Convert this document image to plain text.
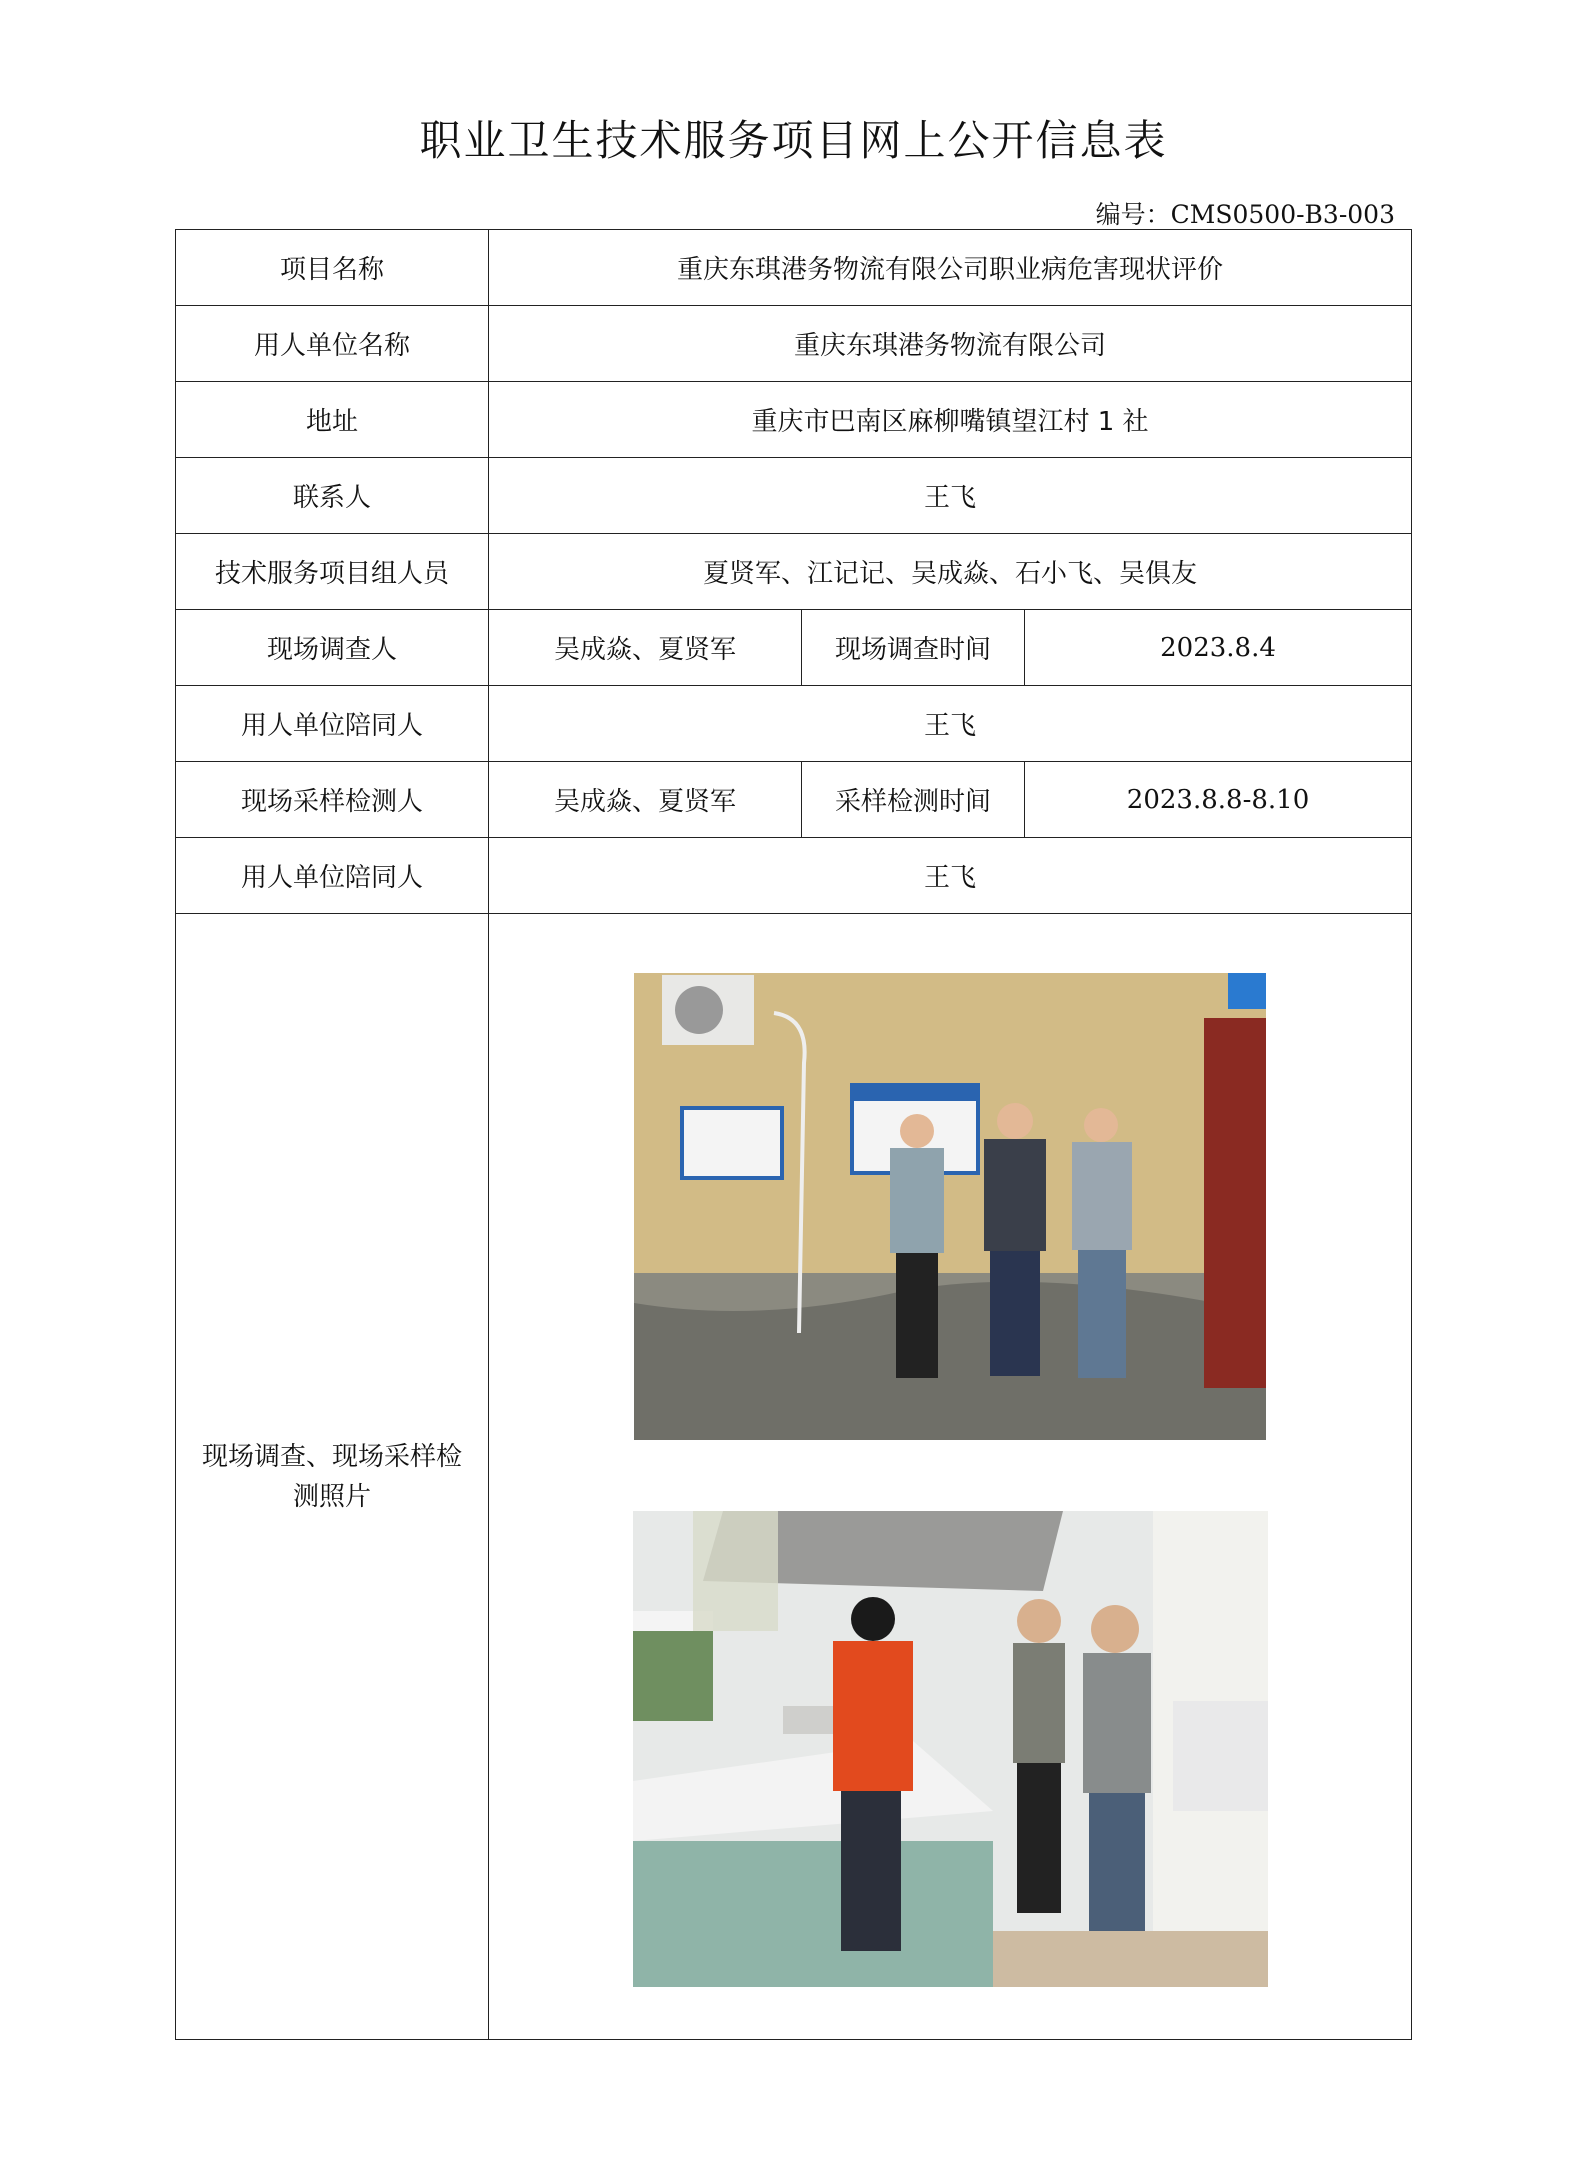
职业卫生技术服务项目网上公开信息表
编号：CMS0500-B3-003
项目名称	重庆东琪港务物流有限公司职业病危害现状评价		
用人单位名称	重庆东琪港务物流有限公司		
地址	重庆市巴南区麻柳嘴镇望江村 1 社		
联系人	王飞		
技术服务项目组人员	夏贤军、江记记、吴成焱、石小飞、吴俱友		
现场调查人	吴成焱、夏贤军	现场调查时间	2023.8.4
用人单位陪同人	王飞		
现场采样检测人	吴成焱、夏贤军	采样检测时间	2023.8.8-8.10
用人单位陪同人	王飞		
现场调查、现场采样检测照片	
